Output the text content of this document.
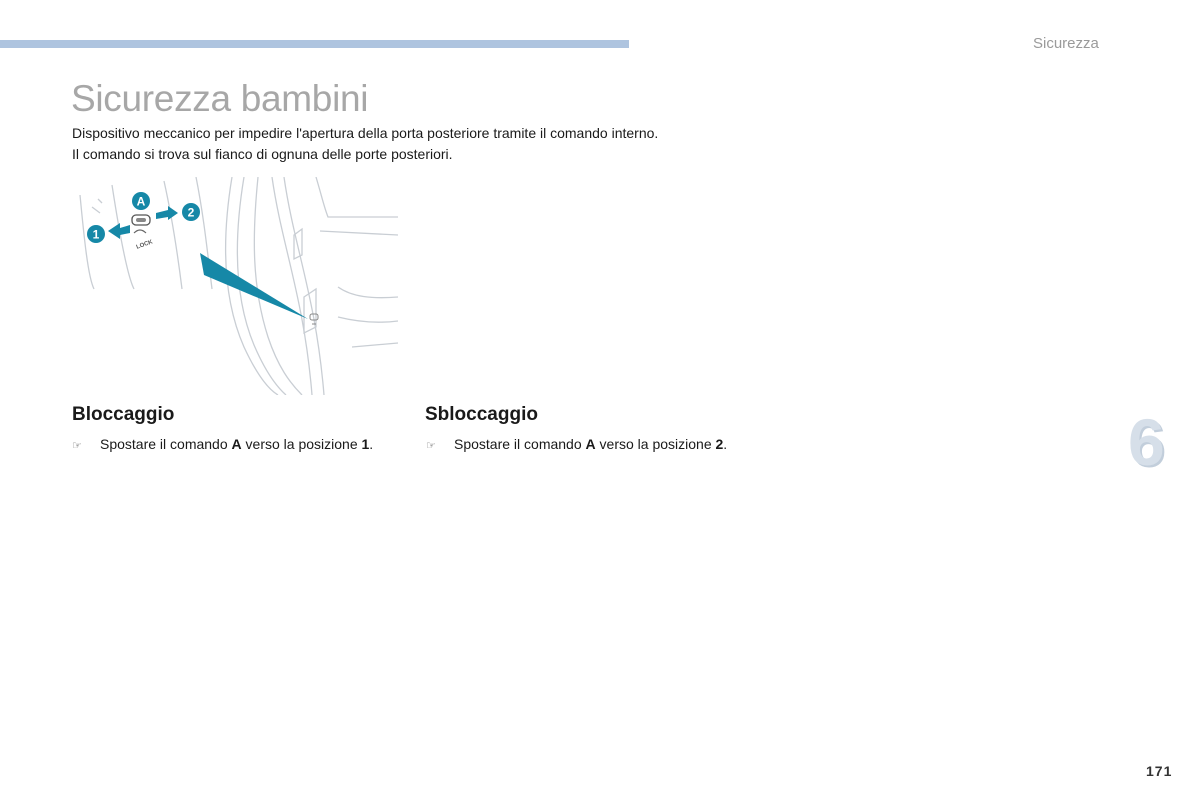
Sicurezza
Sicurezza bambini

Dispositivo meccanico per impedire l'apertura della porta posteriore tramite il comando interno.

Il comando si trova sul fianco di ognuna delle porte posteriori.

A
LOCK
1
2
Bloccaggio
☞	Spostare il comando A verso la posizione 1.
Sbloccaggio
☞	Spostare il comando A verso la posizione 2.	6
171
